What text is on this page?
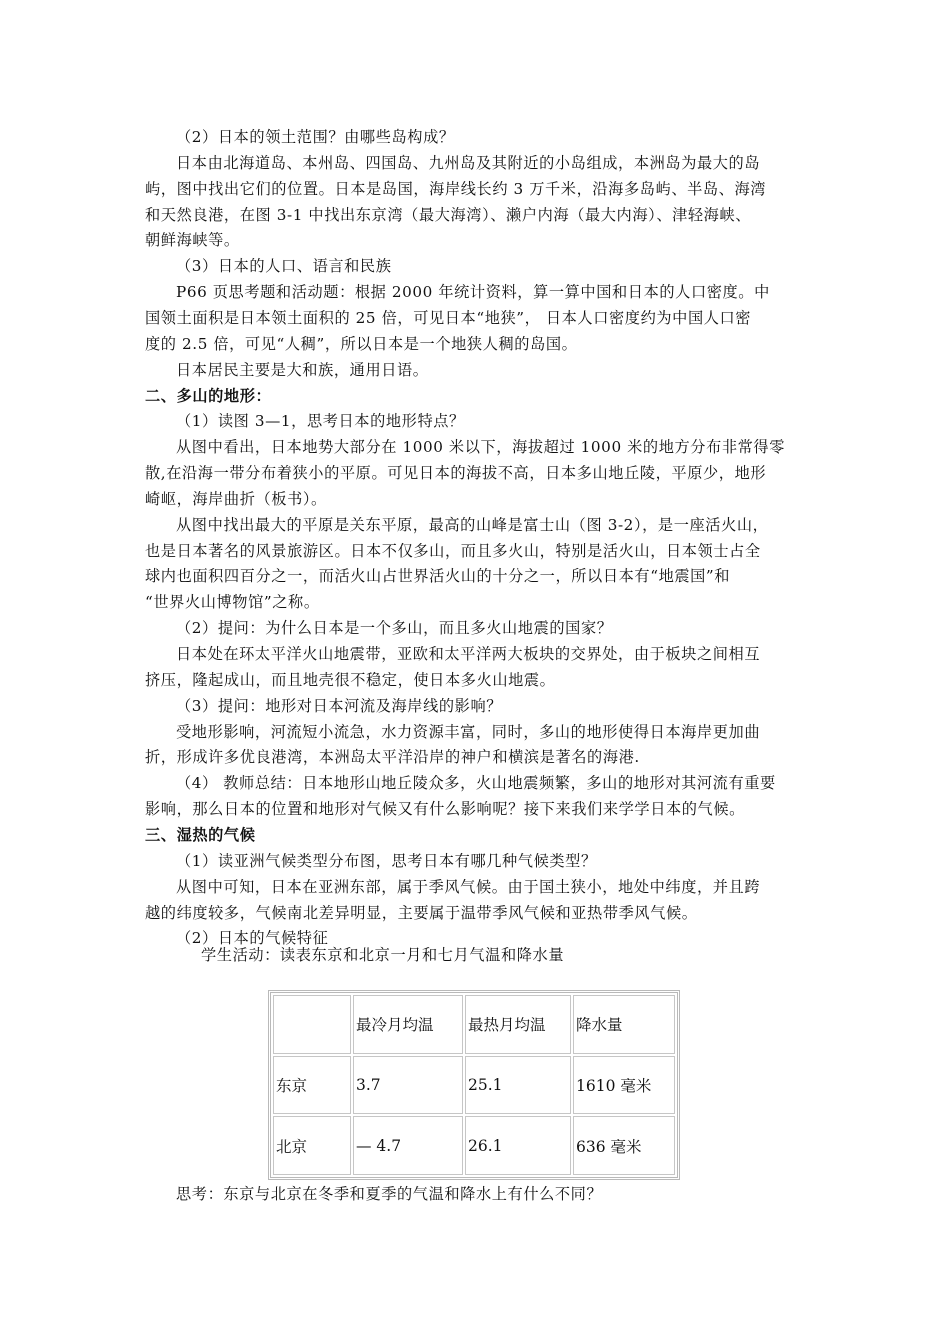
（2）日本的领土范围？由哪些岛构成？
日本由北海道岛、本州岛、四国岛、九州岛及其附近的小岛组成，本洲岛为最大的岛
屿，图中找出它们的位置。日本是岛国，海岸线长约 3 万千米，沿海多岛屿、半岛、海湾
和天然良港，在图 3-1 中找出东京湾（最大海湾）、濑户内海（最大内海）、津轻海峡、
朝鲜海峡等。
（3）日本的人口、语言和民族
P66 页思考题和活动题：根据 2000 年统计资料，算一算中国和日本的人口密度。中
国领土面积是日本领土面积的 25 倍，可见日本“地狭”， 日本人口密度约为中国人口密
度的 2.5 倍，可见“人稠”，所以日本是一个地狭人稠的岛国。
日本居民主要是大和族，通用日语。
二、多山的地形：
（1）读图 3—1，思考日本的地形特点？
从图中看出，日本地势大部分在 1000 米以下，海拔超过 1000 米的地方分布非常得零
散,在沿海一带分布着狭小的平原。可见日本的海拔不高，日本多山地丘陵，平原少，地形
崎岖，海岸曲折（板书）。
从图中找出最大的平原是关东平原，最高的山峰是富士山（图 3-2），是一座活火山，
也是日本著名的风景旅游区。日本不仅多山，而且多火山，特别是活火山，日本领士占全
球内也面积四百分之一，而活火山占世界活火山的十分之一，所以日本有“地震国”和
“世界火山博物馆”之称。
（2）提问：为什么日本是一个多山，而且多火山地震的国家？
日本处在环太平洋火山地震带，亚欧和太平洋两大板块的交界处，由于板块之间相互
挤压，隆起成山，而且地壳很不稳定，使日本多火山地震。
（3）提问：地形对日本河流及海岸线的影响？
受地形影响，河流短小流急，水力资源丰富，同时，多山的地形使得日本海岸更加曲
折，形成许多优良港湾，本洲岛太平洋沿岸的神户和横滨是著名的海港.
（4） 教师总结：日本地形山地丘陵众多，火山地震频繁，多山的地形对其河流有重要
影响，那么日本的位置和地形对气候又有什么影响呢？接下来我们来学学日本的气候。
三、湿热的气候
（1）读亚洲气候类型分布图，思考日本有哪几种气候类型？
从图中可知，日本在亚洲东部，属于季风气候。由于国土狭小，地处中纬度，并且跨
越的纬度较多，气候南北差异明显，主要属于温带季风气候和亚热带季风气候。
（2）日本的气候特征
学生活动：读表东京和北京一月和七月气温和降水量
	最冷月均温	最热月均温	降水量
东京	3.7	25.1	1610 毫米
北京	— 4.7	26.1	636 毫米
思考：东京与北京在冬季和夏季的气温和降水上有什么不同？
